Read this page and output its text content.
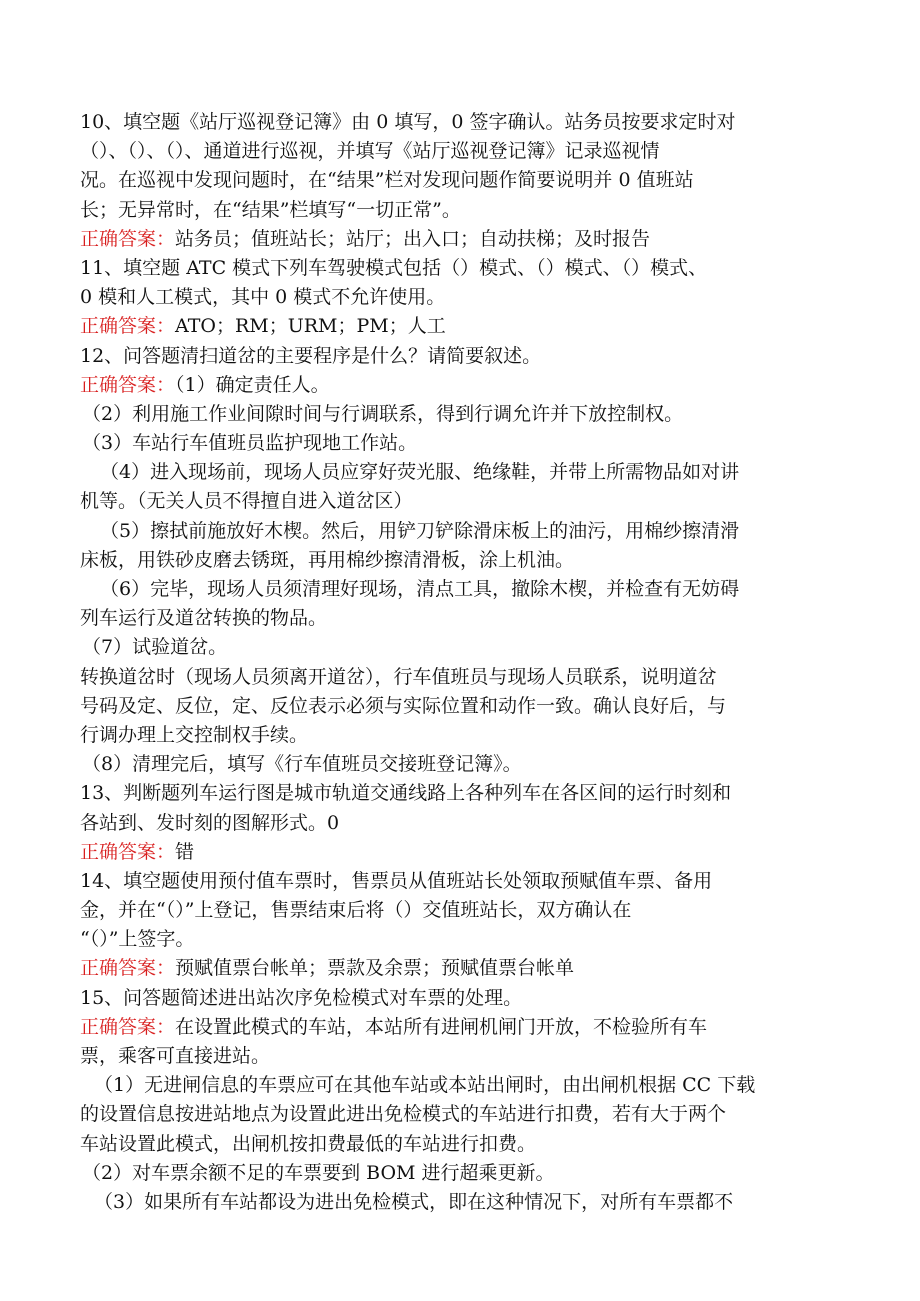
10、填空题《站厅巡视登记簿》由 0 填写，0 签字确认。站务员按要求定时对
（）、（）、（）、通道进行巡视，并填写《站厅巡视登记簿》记录巡视情
况。在巡视中发现问题时，在“结果”栏对发现问题作简要说明并 0 值班站
长；无异常时，在“结果”栏填写“一切正常”。
正确答案：站务员；值班站长；站厅；出入口；自动扶梯；及时报告
11、填空题 ATC 模式下列车驾驶模式包括（）模式、（）模式、（）模式、
0 模和人工模式，其中 0 模式不允许使用。
正确答案：ATO；RM；URM；PM；人工
12、问答题清扫道岔的主要程序是什么？请简要叙述。
正确答案：（1）确定责任人。
（2）利用施工作业间隙时间与行调联系，得到行调允许并下放控制权。
（3）车站行车值班员监护现地工作站。
（4）进入现场前，现场人员应穿好荧光服、绝缘鞋，并带上所需物品如对讲
机等。（无关人员不得擅自进入道岔区）
（5）擦拭前施放好木楔。然后，用铲刀铲除滑床板上的油污，用棉纱擦清滑
床板，用铁砂皮磨去锈斑，再用棉纱擦清滑板，涂上机油。
（6）完毕，现场人员须清理好现场，清点工具，撤除木楔，并检查有无妨碍
列车运行及道岔转换的物品。
（7）试验道岔。
转换道岔时（现场人员须离开道岔），行车值班员与现场人员联系，说明道岔
号码及定、反位，定、反位表示必须与实际位置和动作一致。确认良好后，与
行调办理上交控制权手续。
（8）清理完后，填写《行车值班员交接班登记簿》。
13、判断题列车运行图是城市轨道交通线路上各种列车在各区间的运行时刻和
各站到、发时刻的图解形式。0
正确答案：错
14、填空题使用预付值车票时，售票员从值班站长处领取预赋值车票、备用
金，并在“（）”上登记，售票结束后将（）交值班站长，双方确认在
“（）”上签字。
正确答案：预赋值票台帐单；票款及余票；预赋值票台帐单
15、问答题简述进出站次序免检模式对车票的处理。
正确答案：在设置此模式的车站，本站所有进闸机闸门开放，不检验所有车
票，乘客可直接进站。
（1）无进闸信息的车票应可在其他车站或本站出闸时，由出闸机根据 CC 下载
的设置信息按进站地点为设置此进出免检模式的车站进行扣费，若有大于两个
车站设置此模式，出闸机按扣费最低的车站进行扣费。
（2）对车票余额不足的车票要到 BOM 进行超乘更新。
（3）如果所有车站都设为进出免检模式，即在这种情况下，对所有车票都不
